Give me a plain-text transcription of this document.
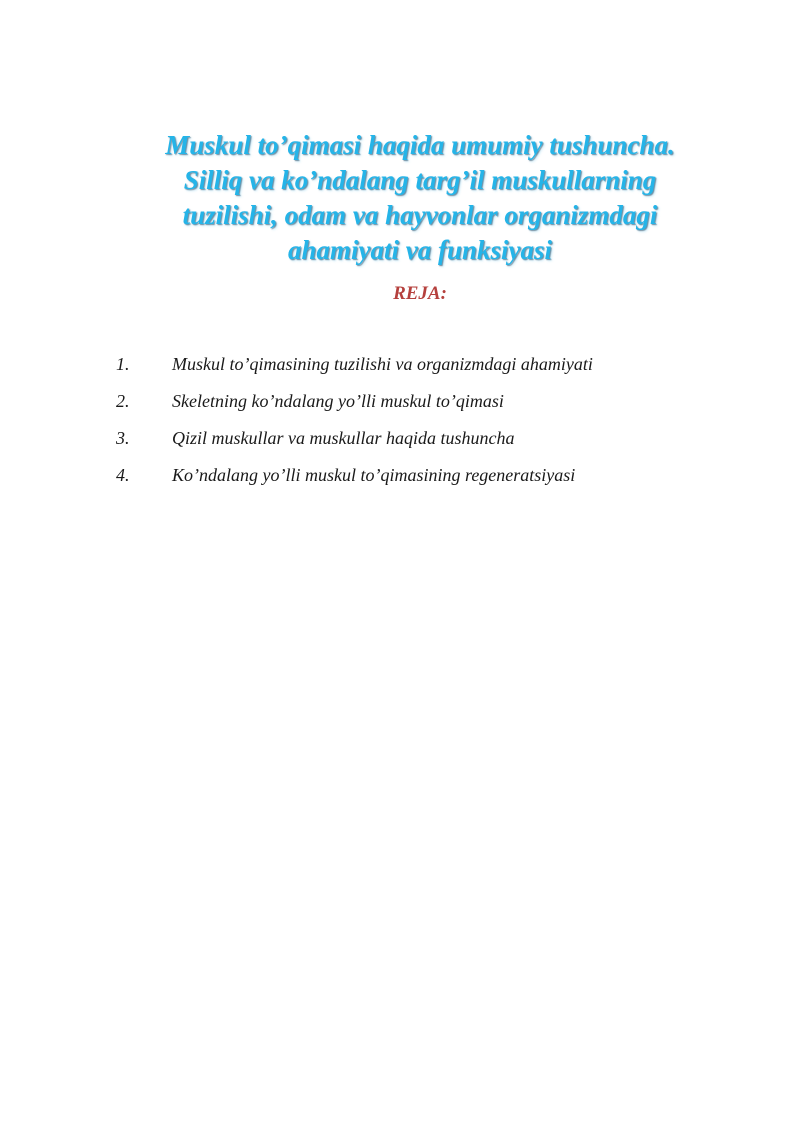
Muskul to’qimasi haqida umumiy tushuncha.
Silliq va ko’ndalang targ’il muskullarning
tuzilishi, odam va hayvonlar organizmdagi
ahamiyati va funksiyasi
REJA:
1.	Muskul to’qimasining tuzilishi va organizmdagi ahamiyati
2.	Skeletning ko’ndalang yo’lli muskul to’qimasi
3.	Qizil muskullar va muskullar haqida tushuncha
4.	Ko’ndalang yo’lli muskul to’qimasining regeneratsiyasi
